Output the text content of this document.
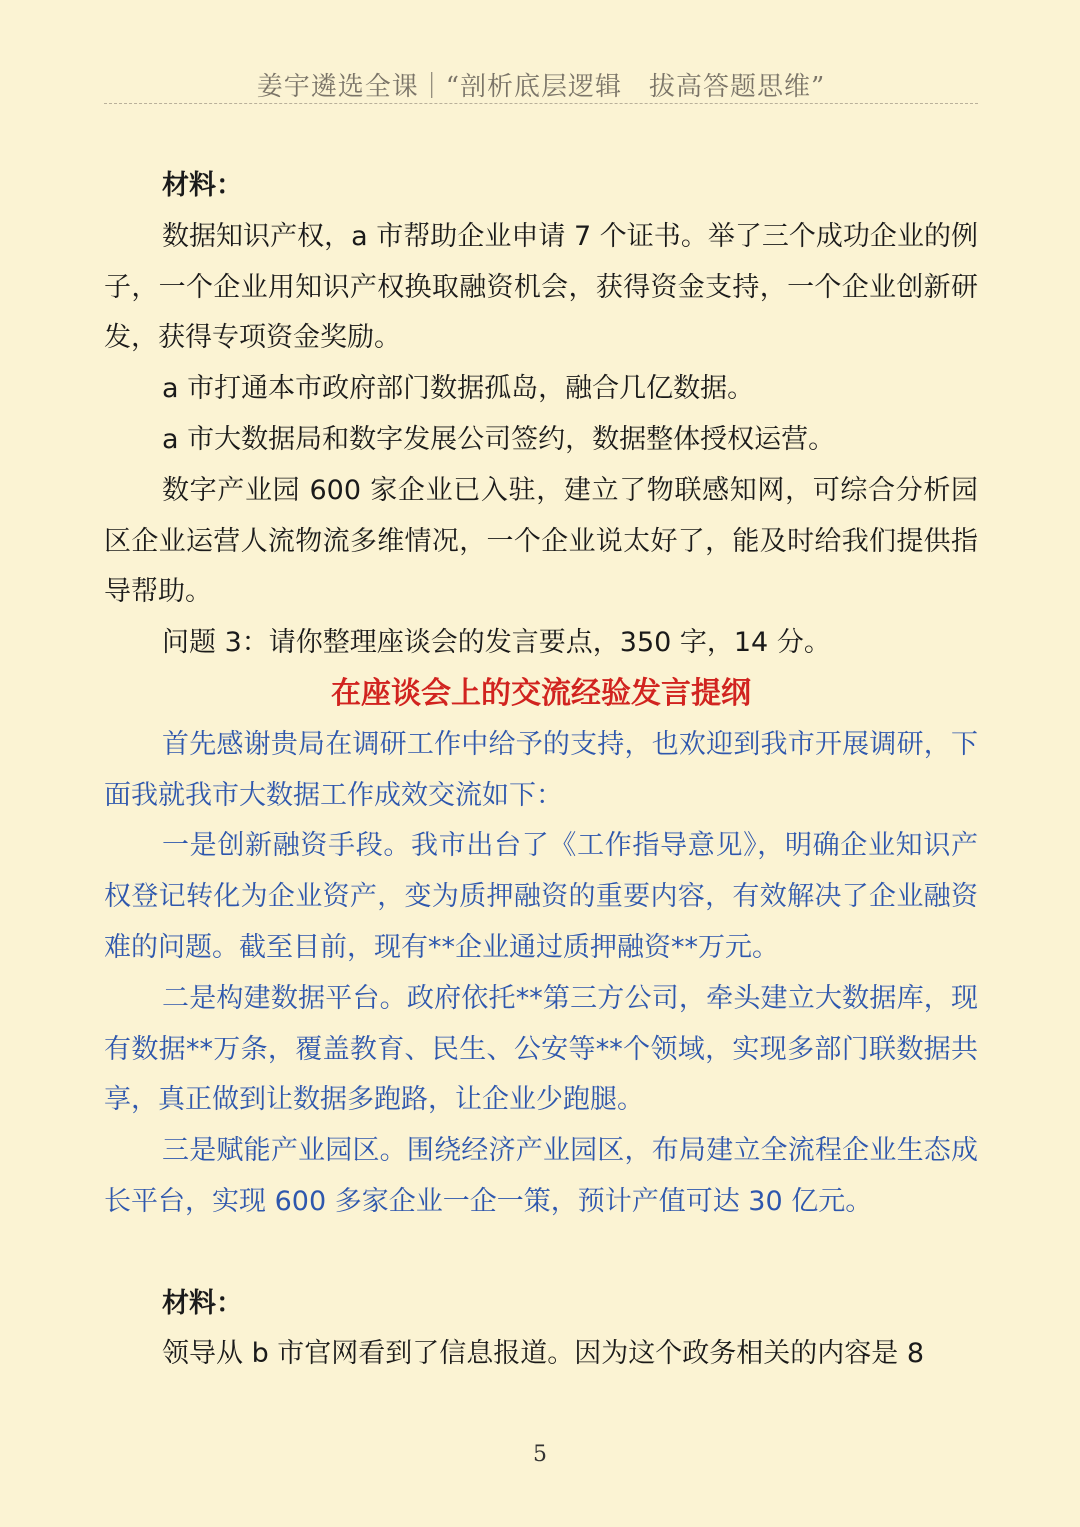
姜宇遴选全课｜“剖析底层逻辑　拔高答题思维”

材料：

数据知识产权，a 市帮助企业申请 7 个证书。举了三个成功企业的例子，一个企业用知识产权换取融资机会，获得资金支持，一个企业创新研发，获得专项资金奖励。

a 市打通本市政府部门数据孤岛，融合几亿数据。

a 市大数据局和数字发展公司签约，数据整体授权运营。

数字产业园 600 家企业已入驻，建立了物联感知网，可综合分析园区企业运营人流物流多维情况，一个企业说太好了，能及时给我们提供指导帮助。

问题 3：请你整理座谈会的发言要点，350 字，14 分。

在座谈会上的交流经验发言提纲

首先感谢贵局在调研工作中给予的支持，也欢迎到我市开展调研，下面我就我市大数据工作成效交流如下：

一是创新融资手段。我市出台了《工作指导意见》，明确企业知识产权登记转化为企业资产，变为质押融资的重要内容，有效解决了企业融资难的问题。截至目前，现有**企业通过质押融资**万元。

二是构建数据平台。政府依托**第三方公司，牵头建立大数据库，现有数据**万条，覆盖教育、民生、公安等**个领域，实现多部门联数据共享，真正做到让数据多跑路，让企业少跑腿。

三是赋能产业园区。围绕经济产业园区，布局建立全流程企业生态成长平台，实现 600 多家企业一企一策，预计产值可达 30 亿元。

材料：

领导从 b 市官网看到了信息报道。因为这个政务相关的内容是 8

5
